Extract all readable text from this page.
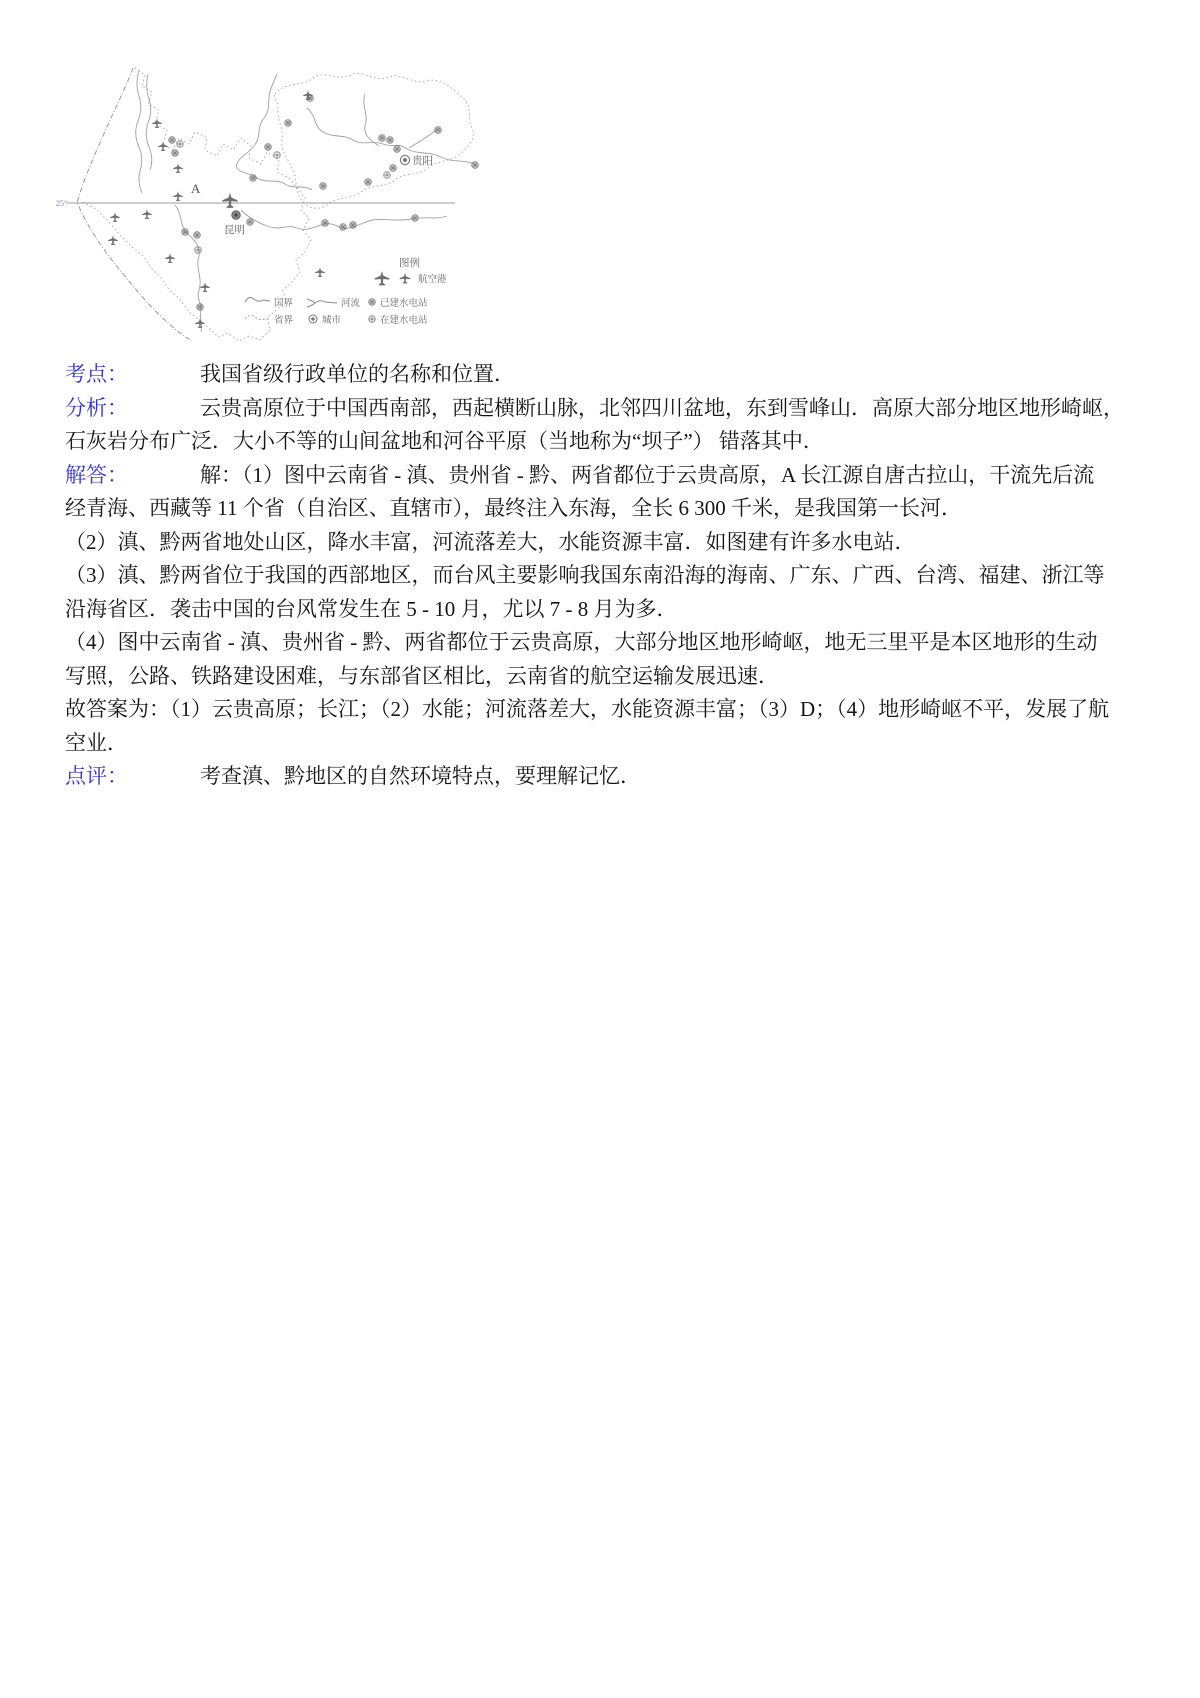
25°
贵阳
昆明
A
图例
航空港
国界	河流 已建水电站
省界	城市	在建水电站
考点：	我国省级行政单位的名称和位置．
分析：	云贵高原位于中国西南部，西起横断山脉，北邻四川盆地，东到雪峰山．高原大部分地区地形崎岖，
石灰岩分布广泛．大小不等的山间盆地和河谷平原（当地称为“坝子”） 错落其中．
解答：	解：（1）图中云南省 - 滇、贵州省 - 黔、两省都位于云贵高原，A 长江源自唐古拉山，干流先后流
经青海、西藏等 11 个省（自治区、直辖市），最终注入东海，全长 6 300 千米，是我国第一长河．
（2）滇、黔两省地处山区，降水丰富，河流落差大，水能资源丰富．如图建有许多水电站．
（3）滇、黔两省位于我国的西部地区，而台风主要影响我国东南沿海的海南、广东、广西、台湾、福建、浙江等
沿海省区．袭击中国的台风常发生在 5 - 10 月，尤以 7 - 8 月为多．
（4）图中云南省 - 滇、贵州省 - 黔、两省都位于云贵高原，大部分地区地形崎岖，地无三里平是本区地形的生动
写照，公路、铁路建设困难，与东部省区相比，云南省的航空运输发展迅速．
故答案为：（1）云贵高原；长江；（2）水能；河流落差大，水能资源丰富；（3）D；（4）地形崎岖不平，发展了航
空业．
点评：	考查滇、黔地区的自然环境特点，要理解记忆．
